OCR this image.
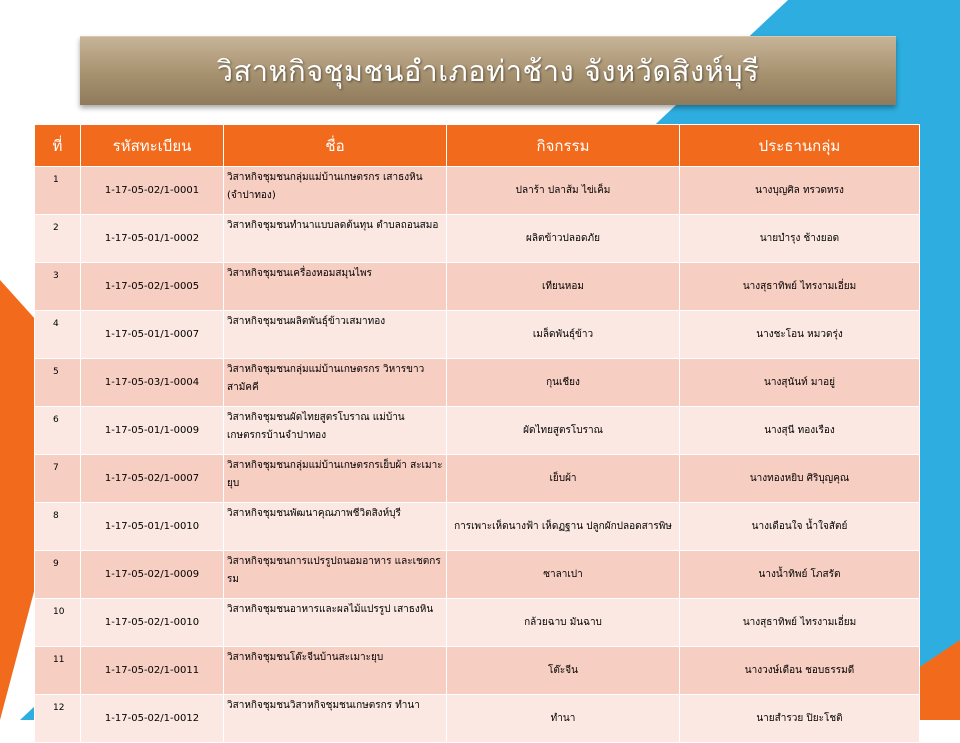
วิสาหกิจชุมชนอำเภอท่าช้าง จังหวัดสิงห์บุรี
ที่	รหัสทะเบียน	ชื่อ	กิจกรรม	ประธานกลุ่ม
1	1-17-05-02/1-0001	วิสาหกิจชุมชนกลุ่มแม่บ้านเกษตรกร เสาธงหิน (จำปาทอง)	ปลาร้า ปลาส้ม ไข่เค็ม	นางบุญศิล ทรวดทรง
2	1-17-05-01/1-0002	วิสาหกิจชุมชนทำนาแบบลดต้นทุน ตำบลถอนสมอ	ผลิตข้าวปลอดภัย	นายบำรุง ช้างยอด
3	1-17-05-02/1-0005	วิสาหกิจชุมชนเครื่องหอมสมุนไพร	เทียนหอม	นางสุธาทิพย์ ไทรงามเอี่ยม
4	1-17-05-01/1-0007	วิสาหกิจชุมชนผลิตพันธุ์ข้าวเสมาทอง	เมล็ดพันธุ์ข้าว	นางชะโอน หมวดรุ่ง
5	1-17-05-03/1-0004	วิสาหกิจชุมชนกลุ่มแม่บ้านเกษตรกร วิหารขาวสามัคคี	กุนเชียง	นางสุนันท์ มาอยู่
6	1-17-05-01/1-0009	วิสาหกิจชุมชนผัดไทยสูตรโบราณ แม่บ้าน เกษตรกรบ้านจำปาทอง	ผัดไทยสูตรโบราณ	นางสุนี ทองเรือง
7	1-17-05-02/1-0007	วิสาหกิจชุมชนกลุ่มแม่บ้านเกษตรกรเย็บผ้า สะเมาะยุบ	เย็บผ้า	นางทองหยิบ ศิริบุญคุณ
8	1-17-05-01/1-0010	วิสาหกิจชุมชนพัฒนาคุณภาพชีวิตสิงห์บุรี	การเพาะเห็ดนางฟ้า เห็ดฏฐาน ปลูกผักปลอดสารพิษ	นางเดือนใจ น้ำใจสัตย์
9	1-17-05-02/1-0009	วิสาหกิจชุมชนการแปรรูปถนอมอาหาร และเชตกรรม	ซาลาเปา	นางน้ำทิพย์ โภสรัต
10	1-17-05-02/1-0010	วิสาหกิจชุมชนอาหารและผลไม้แปรรูป เสาธงหิน	กล้วยฉาบ มันฉาบ	นางสุธาทิพย์ ไทรงามเอี่ยม
11	1-17-05-02/1-0011	วิสาหกิจชุมชนโต๊ะจีนบ้านสะเมาะยุบ	โต๊ะจีน	นางวงษ์เดือน ชอบธรรมดี
12	1-17-05-02/1-0012	วิสาหกิจชุมชนวิสาหกิจชุมชนเกษตรกร ทำนา	ทำนา	นายสำรวย ปิยะโชติ
